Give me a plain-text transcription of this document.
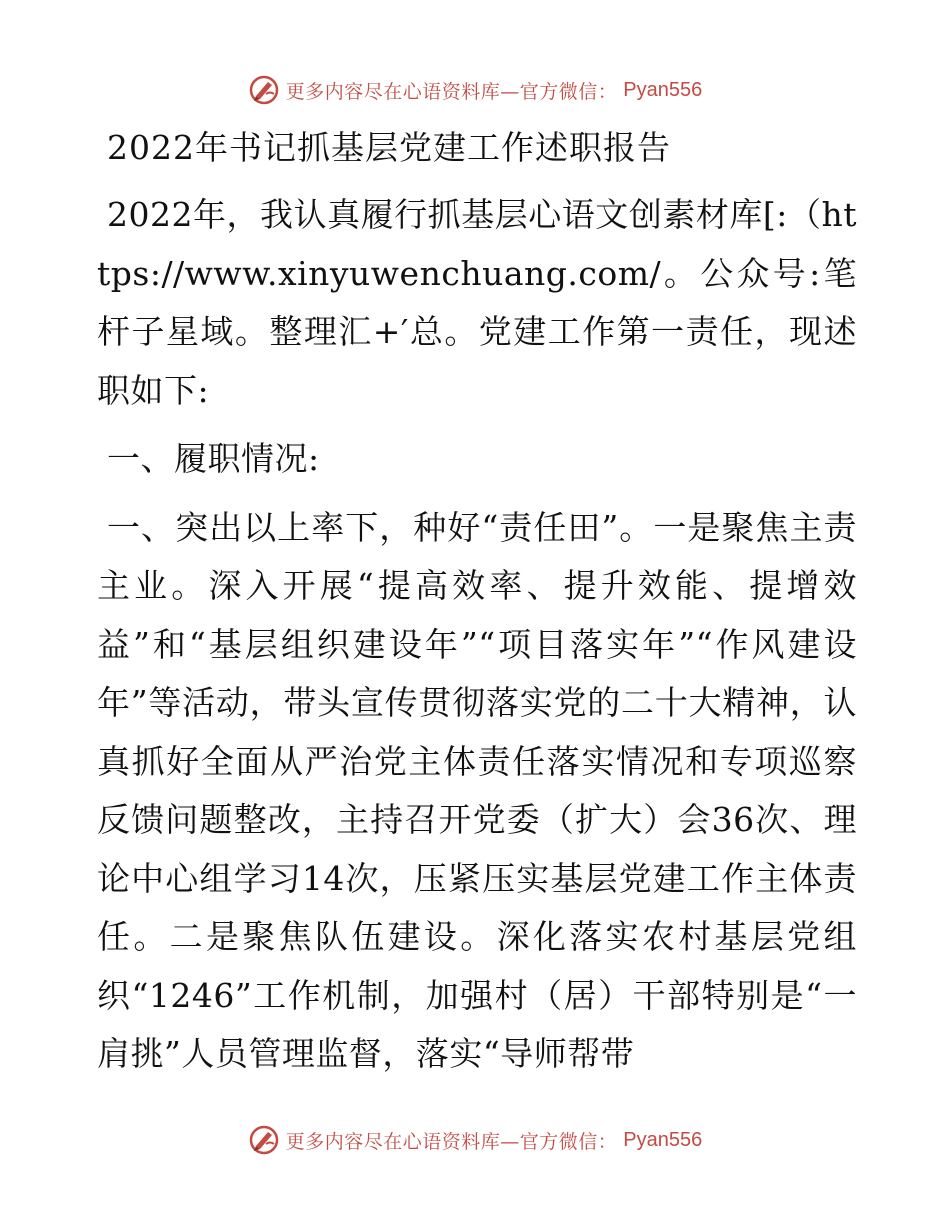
更多内容尽在心语资料库—官方微信： Pyan556
2022年书记抓基层党建工作述职报告

2022年，我认真履行抓基层心语文创素材库[:（https://www.xinyuwenchuang.com/。公众号:笔杆子星域。整理汇+′总。党建工作第一责任，现述职如下:

一、履职情况:

一、突出以上率下，种好“责任田”。一是聚焦主责主业。深入开展“提高效率、提升效能、提增效益”和“基层组织建设年”“项目落实年”“作风建设年”等活动，带头宣传贯彻落实党的二十大精神，认真抓好全面从严治党主体责任落实情况和专项巡察反馈问题整改，主持召开党委（扩大）会36次、理论中心组学习14次，压紧压实基层党建工作主体责任。二是聚焦队伍建设。深化落实农村基层党组织“1246”工作机制，加强村（居）干部特别是“一肩挑”人员管理监督，落实“导师帮带

更多内容尽在心语资料库—官方微信： Pyan556
